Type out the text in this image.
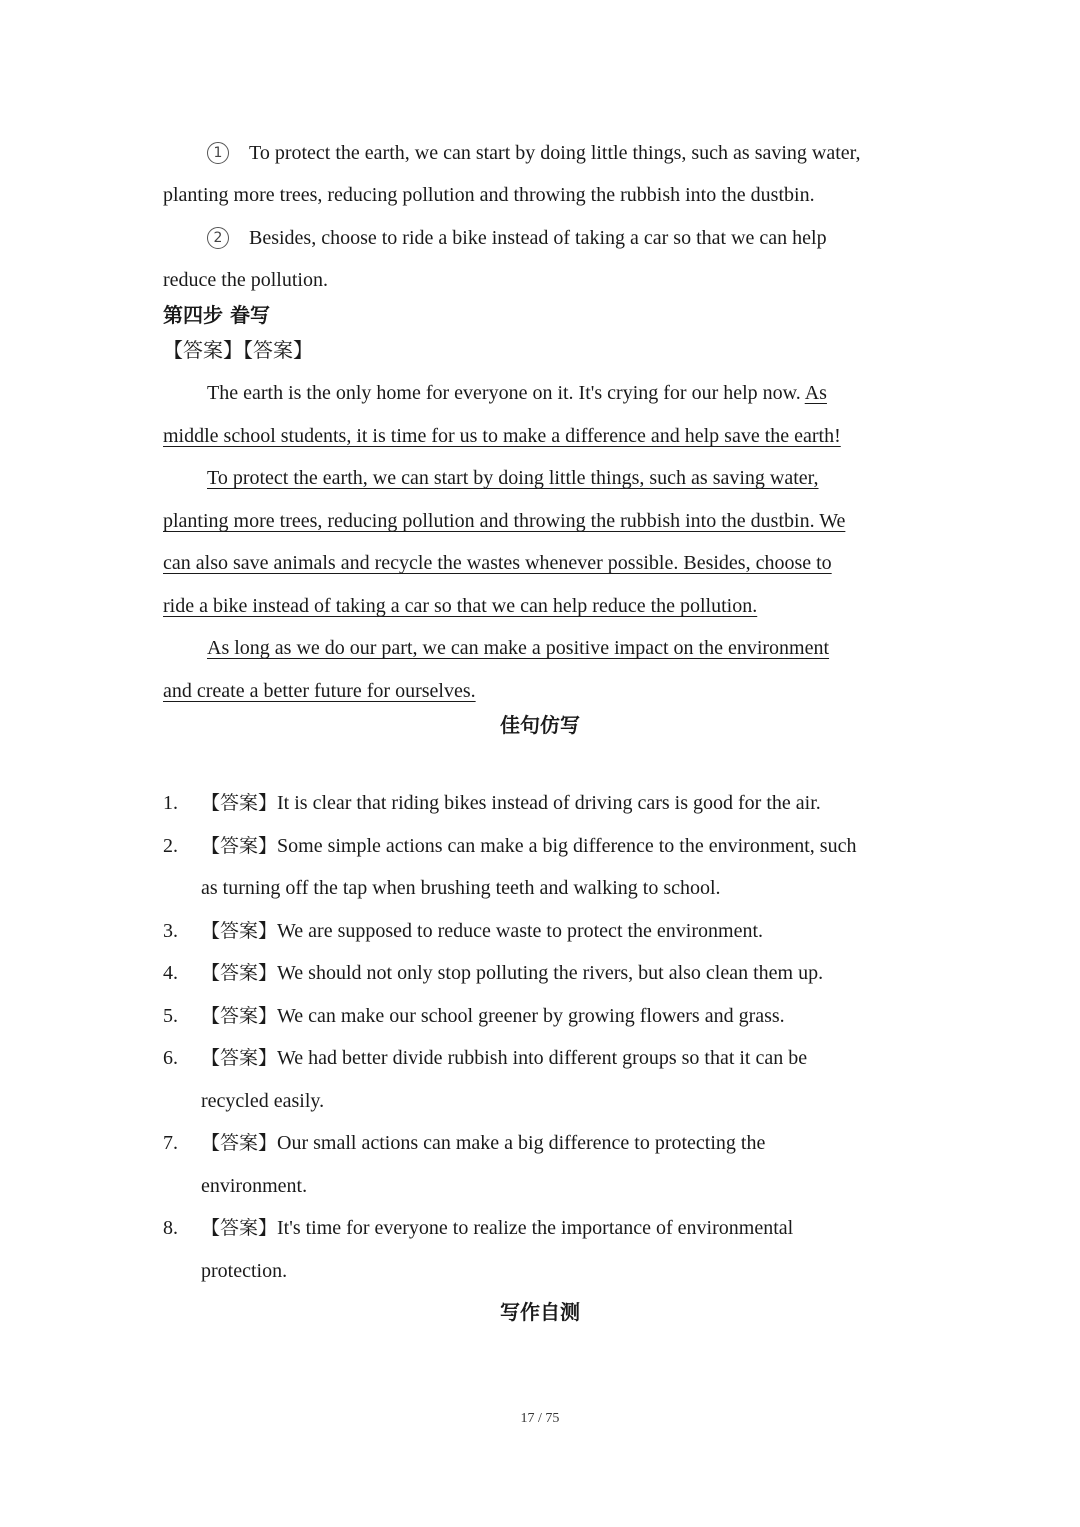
1 To protect the earth, we can start by doing little things, such as saving water,

planting more trees, reducing pollution and throwing the rubbish into the dustbin.

2 Besides, choose to ride a bike instead of taking a car so that we can help

reduce the pollution.

第四步 眷写
【答案】【答案】

The earth is the only home for everyone on it. It's crying for our help now. As

middle school students, it is time for us to make a difference and help save the earth!

To protect the earth, we can start by doing little things, such as saving water,

planting more trees, reducing pollution and throwing the rubbish into the dustbin. We

can also save animals and recycle the wastes whenever possible. Besides, choose to

ride a bike instead of taking a car so that we can help reduce the pollution.

As long as we do our part, we can make a positive impact on the environment

and create a better future for ourselves.

佳句仿写

1. 【答案】It is clear that riding bikes instead of driving cars is good for the air.

2. 【答案】Some simple actions can make a big difference to the environment, such

as turning off the tap when brushing teeth and walking to school.

3. 【答案】We are supposed to reduce waste to protect the environment.

4. 【答案】We should not only stop polluting the rivers, but also clean them up.

5. 【答案】We can make our school greener by growing flowers and grass.

6. 【答案】We had better divide rubbish into different groups so that it can be

recycled easily.

7. 【答案】Our small actions can make a big difference to protecting the

environment.

8. 【答案】It's time for everyone to realize the importance of environmental

protection.

写作自测
17 / 75
